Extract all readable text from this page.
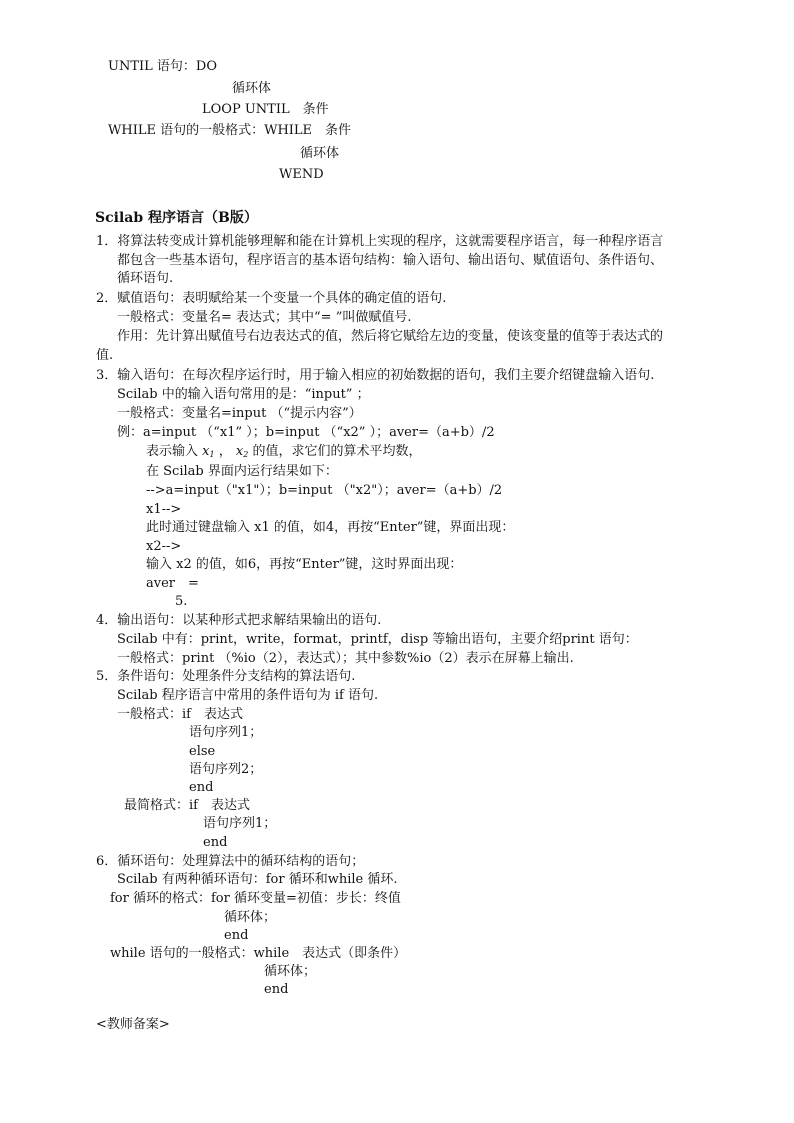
UNTIL 语句：DO
循环体
LOOP UNTIL　条件
WHILE 语句的一般格式：WHILE　条件
循环体
WEND
Scilab 程序语言（B版）
1．将算法转变成计算机能够理解和能在计算机上实现的程序，这就需要程序语言，每一种程序语言
都包含一些基本语句，程序语言的基本语句结构：输入语句、输出语句、赋值语句、条件语句、
循环语句.
2．赋值语句：表明赋给某一个变量一个具体的确定值的语句.
一般格式：变量名= 表达式；其中“= ”叫做赋值号.
作用：先计算出赋值号右边表达式的值，然后将它赋给左边的变量，使该变量的值等于表达式的
值.
3．输入语句：在每次程序运行时，用于输入相应的初始数据的语句，我们主要介绍键盘输入语句.
Scilab 中的输入语句常用的是：“input” ；
一般格式：变量名=input （“提示内容”）
例：a=input （“x1” ）；b=input （“x2” ）；aver=（a+b）/2
表示输入 $x_1$ ， $x_2$ 的值，求它们的算术平均数，
在 Scilab 界面内运行结果如下：
-->a=input（"x1"）；b=input （"x2"）；aver=（a+b）/2
x1-->
此时通过键盘输入 x1 的值，如4，再按“Enter”键，界面出现：
x2-->
输入 x2 的值，如6，再按“Enter”键，这时界面出现：
aver　=
5.
4．输出语句：以某种形式把求解结果输出的语句.
Scilab 中有：print，write，format，printf，disp 等输出语句，主要介绍print 语句：
一般格式：print （%io（2），表达式）；其中参数%io（2）表示在屏幕上输出.
5．条件语句：处理条件分支结构的算法语句.
Scilab 程序语言中常用的条件语句为 if 语句.
一般格式：if　表达式
语句序列1；
else
语句序列2；
end
最简格式：if　表达式
语句序列1；
end
6．循环语句：处理算法中的循环结构的语句；
Scilab 有两种循环语句：for 循环和while 循环.
for 循环的格式：for 循环变量=初值：步长：终值
循环体；
end
while 语句的一般格式：while　表达式（即条件）
循环体；
end
<教师备案>
